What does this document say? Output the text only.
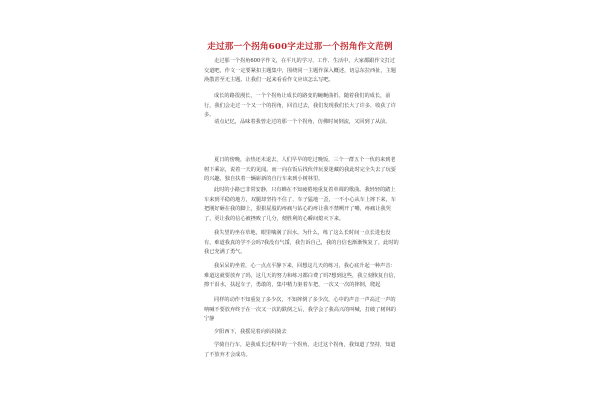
走过那一个拐角600字走过那一个拐角作文范例

走过那一个拐角600字作文，在平凡的学习、工作、生活中，大家都跟作文打过交道吧，作文一定要紧扣主题集中，围绕同一主题作深入概述，切忌东拉西扯，主题涣散甚至无主题。让我们一起来看看作文应该怎么写吧。

成长的路很漫长，一个个拐角让成长的路变的蜿蜒曲折。随着我们的成长，前行，我们会走过一个又一个的拐角，回首过去，我们发现我们长大了许多，收获了许多。

请点记忆，品味着我曾走过的那一个个拐角，仿佛时间倒流，又回到了从前。

夏日的傍晚，余热还未退去，人们早早的吃过晚饭，三个一群五个一伙的来到老树下乘凉，说着一天的见闻。而一向在饭后找伙伴玩耍迷藏的我此时完全失去了玩耍的兴趣，独自扶着一辆崭新的自行车来到小树林里。

此时的小路已非常安静，只有蝉在不知疲倦地重复着单调的歌曲。我轻轻的踏上车来到平稳的地方，双腿却坚持不住了，车子猛地一歪，一不小心从车上摔下来，车把刚好砸在我的脚上，狠狠屁股的疼痛与钻心的疼让我不禁咧开了嘴，疼痛让我哭了，更让我的信心被挫败了几分，便胜利的心瞬间熄灭下来。

我失望的坐在草地，眼里噙满了泪水。为什么，练了这么长时间一点长进也没有，难道我真的学不会吗?我没有气馁，我告诉自己，我的自信也渐渐恢复了，此时的我已充满了勇气。

我呆呆的坐着，心一点点平静下来，回想这几天的练习，我心底升起一种声音：难道这就要放弃了吗，这几天的努力和练习都白费了吗?想到这些，我立刻恢复自信，擦干泪水，扶起车子，勇敢的，集中精力驱着车把，一次又一次的摔倒，爬起

同样的动作不知重复了多少次，不知摔倒了多少次，心中的声音一声高过一声的呐喊不要放弃终于在一次又一次的跌倒之后，我学会了我高兴的叫喊，打破了树林的宁静

夕阳西下，我摇晃着向妈妈骑去

学骑自行车，是我成长过程中的一个拐角，走过这个拐角，我知道了坚持，知道了不放弃才会成功。
